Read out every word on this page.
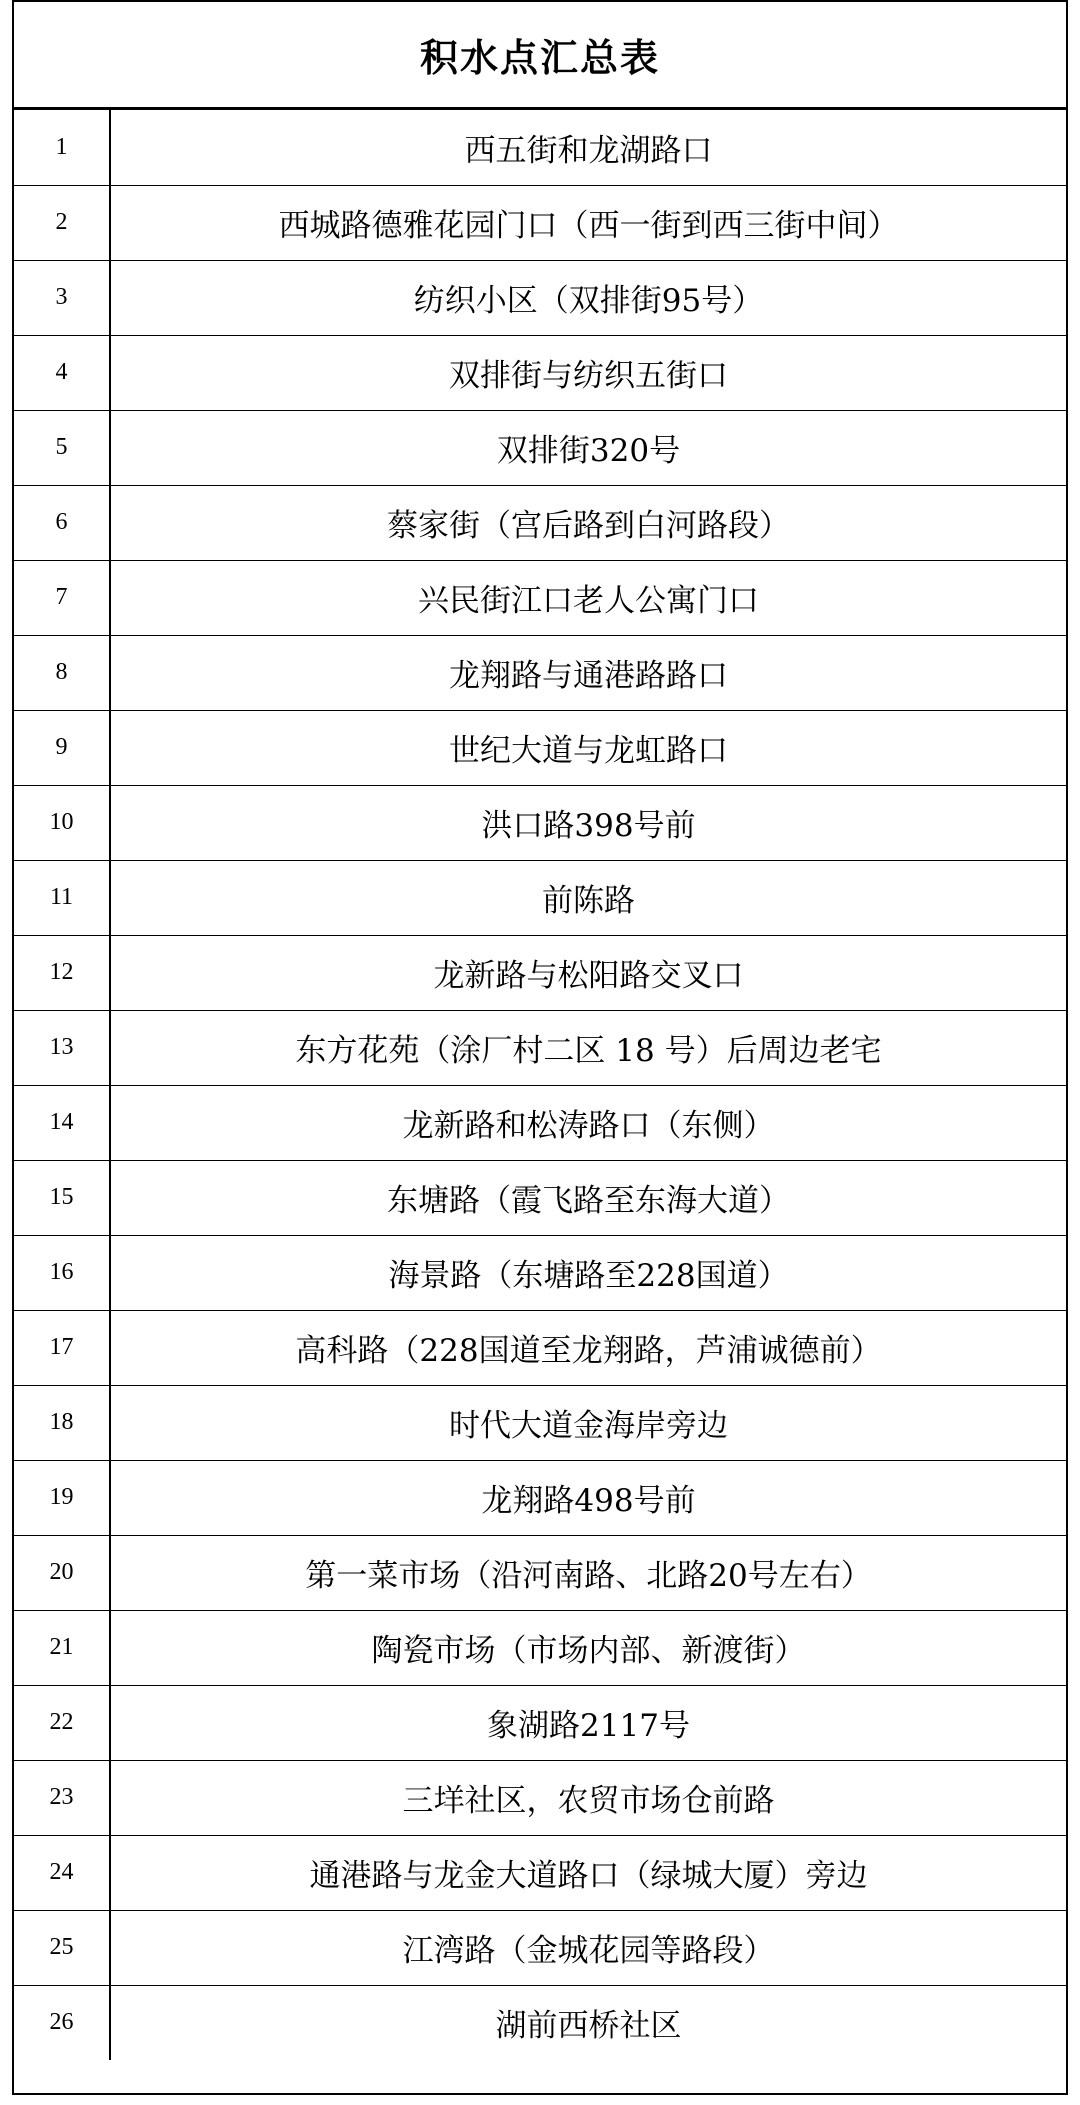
积水点汇总表
1	西五街和龙湖路口
2	西城路德雅花园门口（西一街到西三街中间）
3	纺织小区（双排街95号）
4	双排街与纺织五街口
5	双排街320号
6	蔡家街（宫后路到白河路段）
7	兴民街江口老人公寓门口
8	龙翔路与通港路路口
9	世纪大道与龙虹路口
10	洪口路398号前
11	前陈路
12	龙新路与松阳路交叉口
13	东方花苑（涂厂村二区 18 号）后周边老宅
14	龙新路和松涛路口（东侧）
15	东塘路（霞飞路至东海大道）
16	海景路（东塘路至228国道）
17	高科路（228国道至龙翔路，芦浦诚德前）
18	时代大道金海岸旁边
19	龙翔路498号前
20	第一菜市场（沿河南路、北路20号左右）
21	陶瓷市场（市场内部、新渡街）
22	象湖路2117号
23	三垟社区，农贸市场仓前路
24	通港路与龙金大道路口（绿城大厦）旁边
25	江湾路（金城花园等路段）
26	湖前西桥社区
